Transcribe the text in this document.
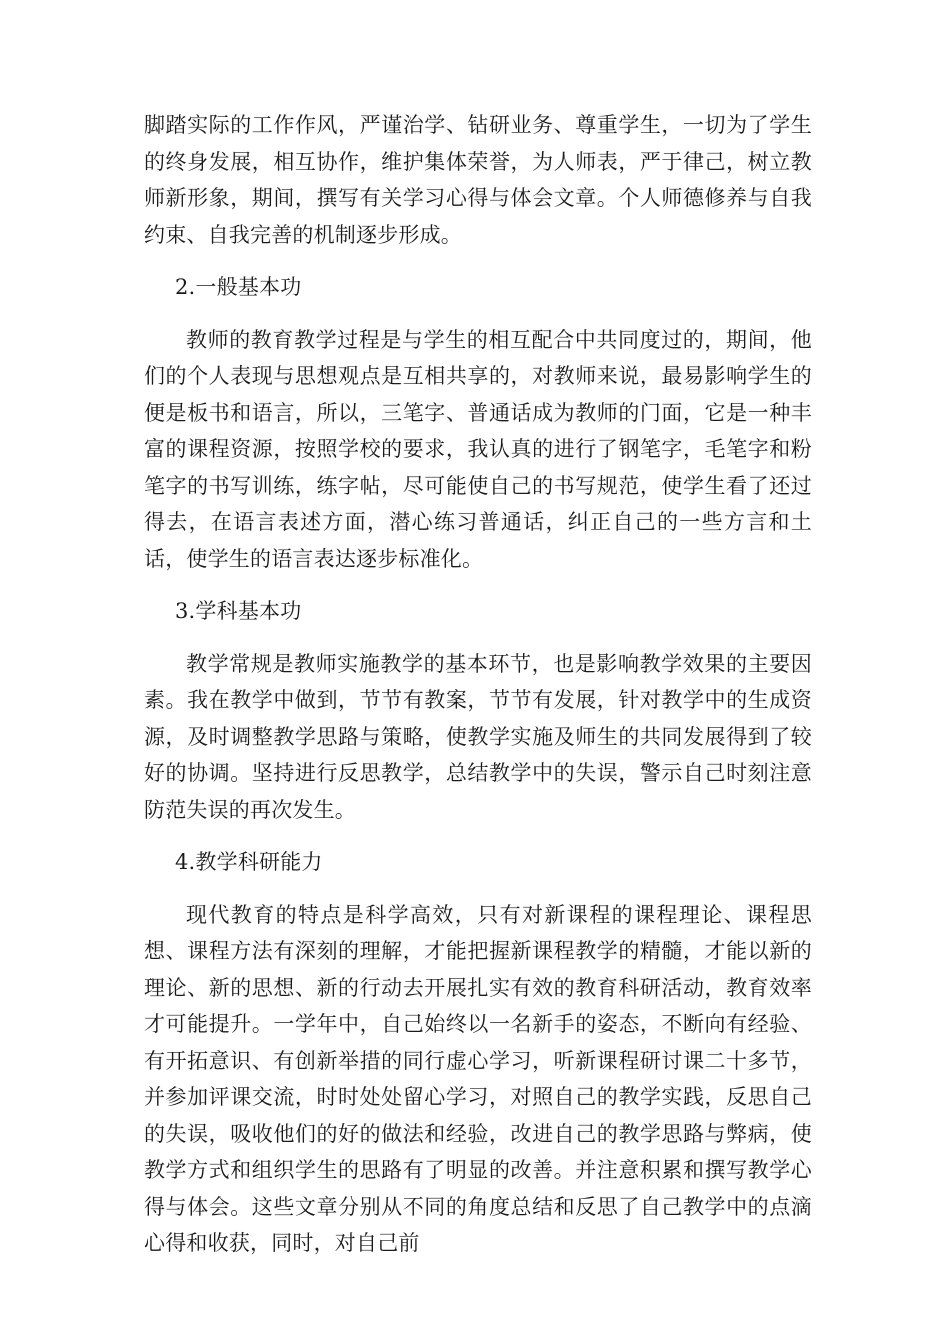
脚踏实际的工作作风，严谨治学、钻研业务、尊重学生，一切为了学生的终身发展，相互协作，维护集体荣誉，为人师表，严于律己，树立教师新形象，期间，撰写有关学习心得与体会文章。个人师德修养与自我约束、自我完善的机制逐步形成。

2.一般基本功

教师的教育教学过程是与学生的相互配合中共同度过的，期间，他们的个人表现与思想观点是互相共享的，对教师来说，最易影响学生的便是板书和语言，所以，三笔字、普通话成为教师的门面，它是一种丰富的课程资源，按照学校的要求，我认真的进行了钢笔字，毛笔字和粉笔字的书写训练，练字帖，尽可能使自己的书写规范，使学生看了还过得去，在语言表述方面，潜心练习普通话，纠正自己的一些方言和土话，使学生的语言表达逐步标准化。

3.学科基本功

教学常规是教师实施教学的基本环节，也是影响教学效果的主要因素。我在教学中做到，节节有教案，节节有发展，针对教学中的生成资源，及时调整教学思路与策略，使教学实施及师生的共同发展得到了较好的协调。坚持进行反思教学，总结教学中的失误，警示自己时刻注意防范失误的再次发生。

4.教学科研能力

现代教育的特点是科学高效，只有对新课程的课程理论、课程思想、课程方法有深刻的理解，才能把握新课程教学的精髓，才能以新的理论、新的思想、新的行动去开展扎实有效的教育科研活动，教育效率才可能提升。一学年中，自己始终以一名新手的姿态，不断向有经验、有开拓意识、有创新举措的同行虚心学习，听新课程研讨课二十多节，并参加评课交流，时时处处留心学习，对照自己的教学实践，反思自己的失误，吸收他们的好的做法和经验，改进自己的教学思路与弊病，使教学方式和组织学生的思路有了明显的改善。并注意积累和撰写教学心得与体会。这些文章分别从不同的角度总结和反思了自己教学中的点滴心得和收获，同时，对自己前
